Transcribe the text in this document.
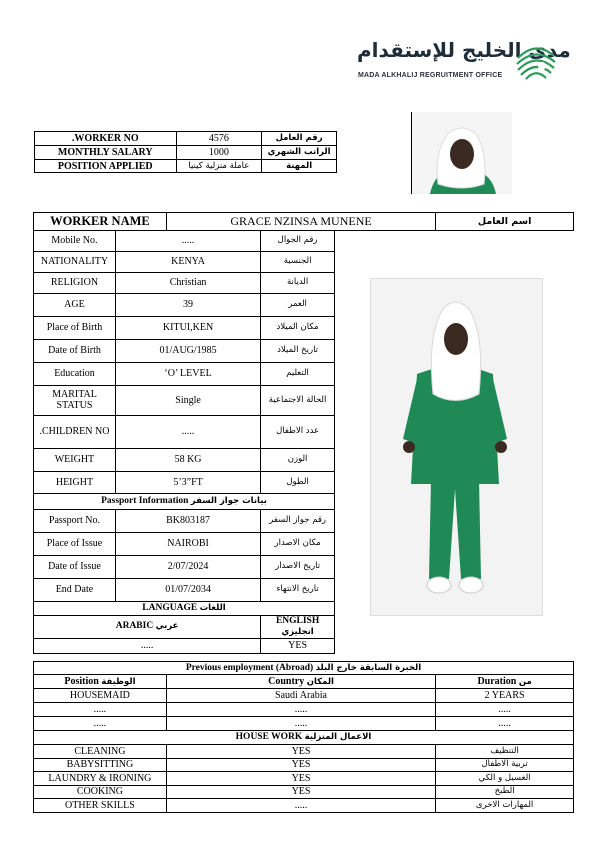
مدى الخليج للإستقدام
MADA ALKHALIJ REGRUITMENT OFFICE
.WORKER NO	4576	رقم العامل
MONTHLY SALARY	1000	الراتب الشهري
POSITION APPLIED	عاملة منزلية كينيا	المهنة

Mobile No.	.....	رقم الجوال
NATIONALITY	KENYA	الجنسية
RELIGION	Christian	الديانة
AGE	39	العمر
Place of Birth	KITUI,KEN	مكان الميلاد
Date of Birth	01/AUG/1985	تاريخ الميلاد
Education	‘O’ LEVEL	التعليم
MARITAL STATUS	Single	الحالة الاجتماعية
.CHILDREN NO	.....	عدد الاطفال
WEIGHT	58 KG	الوزن
HEIGHT	5’3”FT	الطول
Passport Information بيانات جواز السفر		
Passport No.	BK803187	رقم جواز السفر
Place of Issue	NAIROBI	مكان الاصدار
Date of Issue	2/07/2024	تاريخ الاصدار
End Date	01/07/2034	تاريخ الانتهاء
LANGUAGE اللغات		
ARABIC عربي		ENGLISH انجليزي
.....		YES
WORKER NAME	GRACE NZINSA MUNENE	اسم العامل
Previous employment (Abroad) الخبرة السابقة خارج البلد		
Position الوظيفة	Country المكان	Duration من
HOUSEMAID	Saudi Arabia	2 YEARS
.....	.....	.....
.....	.....	.....
HOUSE WORK الاعمال المنزلية		
CLEANING	YES	التنظيف
BABYSITTING	YES	تربية الاطفال
LAUNDRY & IRONING	YES	الغسيل و الكي
COOKING	YES	الطبخ
OTHER SKILLS	.....	المهارات الاخرى
